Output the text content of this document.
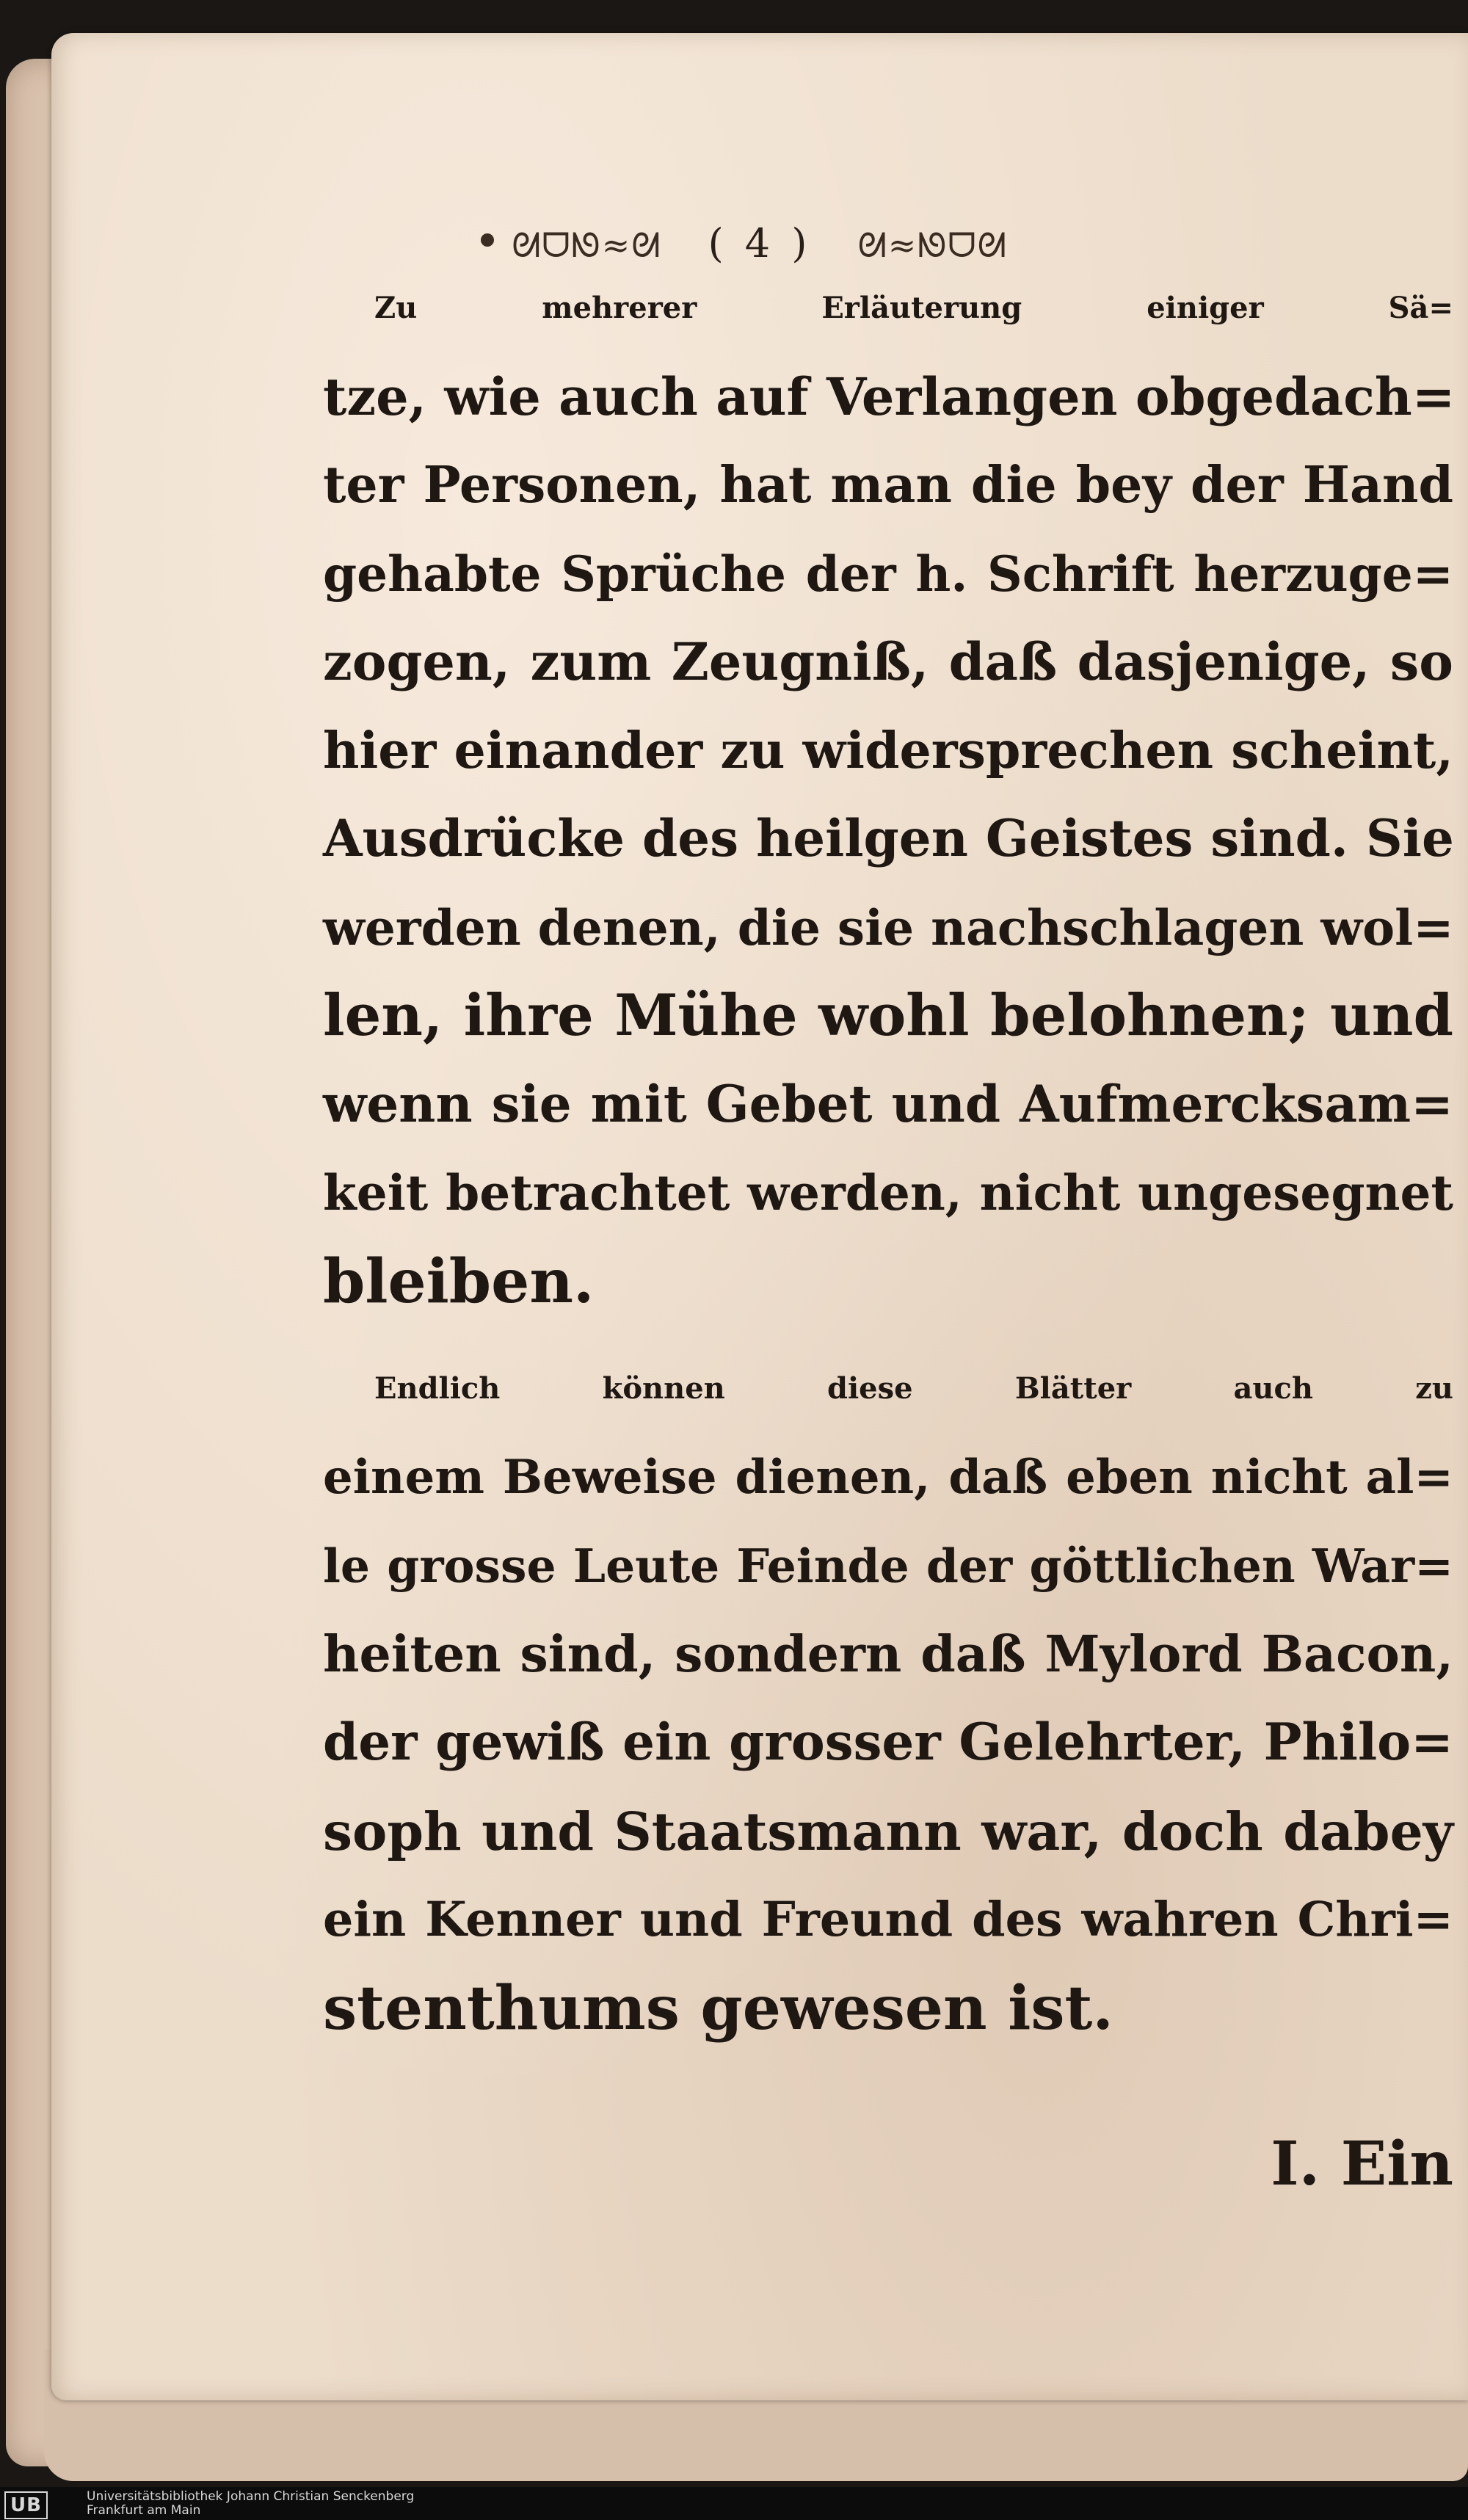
ᘛᗜᘚ≈ᘛ ( 4 ) ᘛ≈ᘚᗜᘛ
Zu mehrerer Erläuterung einiger Sä=
tze, wie auch auf Verlangen obgedach=
ter Personen, hat man die bey der Hand
gehabte Sprüche der h. Schrift herzuge=
zogen, zum Zeugniß, daß dasjenige, so
hier einander zu widersprechen scheint,
Ausdrücke des heilgen Geistes sind. Sie
werden denen, die sie nachschlagen wol=
len, ihre Mühe wohl belohnen; und
wenn sie mit Gebet und Aufmercksam=
keit betrachtet werden, nicht ungesegnet
bleiben.
Endlich können diese Blätter auch zu
einem Beweise dienen, daß eben nicht al=
le grosse Leute Feinde der göttlichen War=
heiten sind, sondern daß Mylord Bacon,
der gewiß ein grosser Gelehrter, Philo=
soph und Staatsmann war, doch dabey
ein Kenner und Freund des wahren Chri=
stenthums gewesen ist.
I. Ein
UB	Universitätsbibliothek Johann Christian Senckenberg
Frankfurt am Main
